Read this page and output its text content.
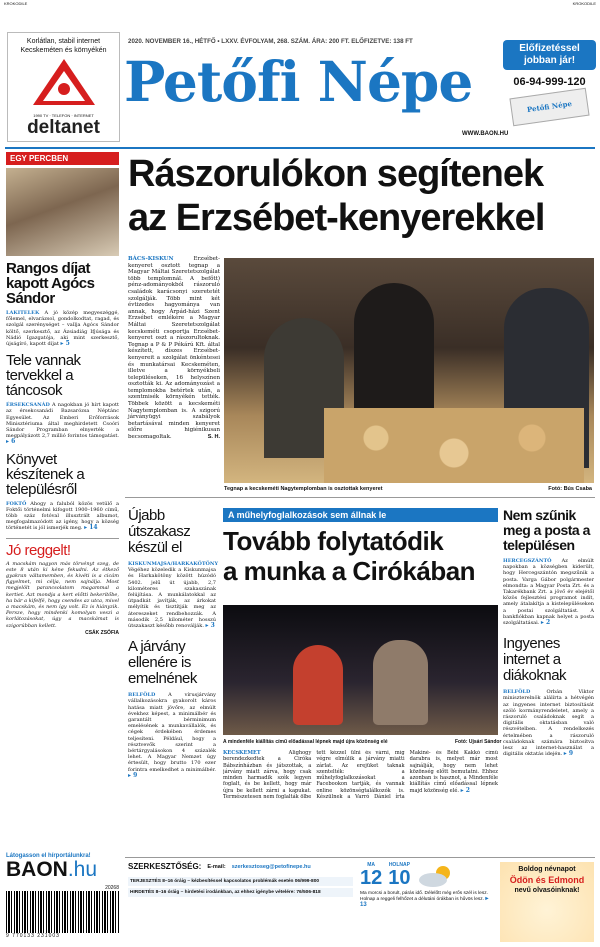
KROKODILE	KROKODILE
Korlátlan, stabil internet
Kecskeméten és környékén
1990 TV · TELEFON · INTERNET
deltanet
2020. NOVEMBER 16., HÉTFŐ • LXXV. ÉVFOLYAM, 268. SZÁM. ÁRA: 200 FT. ELŐFIZETVE: 138 FT
Petőfi Népe
WWW.BAON.HU
Előfizetéssel
jobban jár!
06-94-999-120
Petőfi Népe
EGY PERCBEN
Rangos díjat kapott Agócs Sándor
LAKITELEK A jó közép megyeszéggé, főlemel, elvarázsol, gondolkodtat, ragad, és szolgál szerénységet – vallja Agócs Sándor költő, szerkesztő, az Ázsiadiág Ifjúsága és Nádió Igazgatója, aki mint szerkesztő, újságíró, kapott díjat ▸ 5
Tele vannak tervekkel a táncosok
ÉRSEKCSANÁD A nagokban jó hírt kapott az érsekcsanádi Bazsarózsa Néptánc Egyesület. Az Emberi Erőforrások Minisztériuma által meghirdetett Csoóri Sándor Programban elnyerték a megpályázott 2,7 millió forintos támogatást. ▸ 6
Könyvet készítenek a településről
FOKTŐ Ahogy a faluból közös vetülő a Foktői történelmi kifogott 1900–1960 című, több száz fotóval illusztrált albumot, megfogalmazódott az igény, hogy a község történetét is jól ismerjék meg. ▸ 14
Jó reggelt!
A macskám nagyon más törvényt szeg, de este 8 után ki kéne fekudni. Az étkező gyakran váltamemben, és kivéti is a cicám figyelmet, mi célja, nem sajnálja. Most megjelölt parancsolatom magammal a kertiet. Azt mondja a kert előtti bekerítőbe, ha bár a kifelfé, hogy csendes az utca, mivel a macskám, és nem így volt. Ez is hiányzik. Persze, hogy mindenki komolyan veszi a korlátozásokat, úgy a macskámat is szigorúbban kellett.
CSÁK ZSÓFIA
Látogasson el hírportálunkra!
BAON.hu
20268
9 770133 231003
Rászorulókon segítenek
az Erzsébet-kenyerekkel
BÁCS-KISKUN	Erzsébet-kenyeret osztott tegnap a Magyar Máltai Szeretetszolgálat több templomnál. A befőtt) pénz-adományokból rászoruló családok karácsonyi szeretetét szolgálják. Több mint két évtizedes hagyománya van annak, hogy Árpád-házi Szent Erzsébet emlékére a Magyar Máltai Szeretetszolgálat kecskeméti csoportja Erzsébet-kenyeret oszt a rászorultoknak. Tegnap a P & P Pékárú Kft. által készített, díszes Erzsébet-kenyereit a szolgálat önkéntesei és munkatársai Kecskeméten, illetve a környékbeli településeken, 16 helyszínen osztották ki. Az adományozást a templomokba betértek után, a szentmisék környékén tették. Többek között a kecskeméti Nagytemplomban is. A szigorú járványügyi szabályok betartásával minden kenyeret előre higiénikusan becsomagoltak.	S. H.
Tegnap a kecskeméti Nagytemplomban is osztottak kenyeret	Fotó: Bús Csaba
Újabb útszakasz készül el
KISKUNMAJSA/HARKAKÖTÖNY Végéhez közeledik a Kiskunmajsa és Harkakötöny között húzódó 5402. jelű út újabb, 2,7 kilométeres szakaszának felújítása. A munkálatokkal az útpadkát javítják, az árkokat mélyítik és tisztítják meg az átereszeket rendbehozzák. A második 2,5 kilométer hosszú útszakaszt később renoválják. ▸ 3
A járvány ellenére is emelnének
BELFÖLD	A vírusjárvány vállalkozásokra gyakorolt káros hatása miatt jövőre, az elmúlt évekhez képest, a minimálbér és garantált bérminimum emelésének a munkavállalók, és cégek érdekében érdemes teljesíteni. Például, hogy a résztvevők szerint a bértárgyalásokon 4 százalék lehet. A Magyar Nemzet úgy értesült, hogy brutto 170 ezer forintra emelkedhet a minimálbér. ▸ 9
A műhelyfoglalkozások sem állnak le
Tovább folytatódik
a munka a Cirókában
A mindenféle kiállítás című előadással lépnek majd újra közönség elé	Fotó: Ujsári Sándor
KECSKEMÉT	Alighogy berendezkedtek a Ciróka Bábszínházban és játszottak, a járvány miatt zárva, hogy csak minden harmadik szék legyen foglalt, és be kellett, hogy már újra be kellett zárni a kapukat. Természetesen nem foglalták ölbe tett kézzel ülni és várni, míg végre elmúlik a járvány miatti zárlat. Az erejüket taknak szentelték: a műhelyfoglalkozásokat a Facebookon tartják, és vannak online közönségtalálkozók is. Készülnek a Varró Dániel írta Makiné- és Bébi Kakkó című darabra is, melyet már most sajnálják, hogy nem lehet közönség előtt bemutatni. Ehhez azonban is hasznot, a Mindenféle kiállítás című előadással lépnek majd közönség elé. ▸ 2
Nem szűnik meg a posta a településen
HERCEGSZÁNTÓ Az elmúlt napokban a községben kiderült, hogy Hercegszántón megszűnik a posta. Varga Gábor polgármester elmondta: a Magyar Posta Zrt. és a Takarékbank Zrt. a jövő év elejétől közös fejlesztési programot indít, amely átalakítja a kistelepüléseken a postai szolgáltatást. A bankfiókban kapnak helyet a posta szolgáltatásai. ▸ 2
Ingyenes internet a diákoknak
BELFÖLD	Orbán Viktor miniszterelnök alálírta a hétvégén az ingyenes internet biztosítását szóló kormányrendeletet, amely a rászoruló családoknak segít a digitális oktatásban való részvételben. A rendelkezés értelmében a rászoruló családoknak számára biztosítva lesz az internet-használat a digitális oktatás idején. ▸ 9
SZERKESZTŐSÉG: E-mail: szerkesztoseg@petofinepe.hu
TERJESZTÉS 8–16 óráig – kézbesítéssel kapcsolatos problémák esetén 06/999-800
HIRDETÉS 8–16 óráig – hirdetési irodánkban, az ehhez igénybe vételére: 76/506-818
MA
12
HOLNAP
10
Ma morcsi a borult, párás idő. Délelőtt még erős szél is lesz. Holnap a reggeli felhőzet a délutáni órákban is hűvös lesz. ▸ 13
Boldog névnapot
Ödön és Edmond
nevű olvasóinknak!
